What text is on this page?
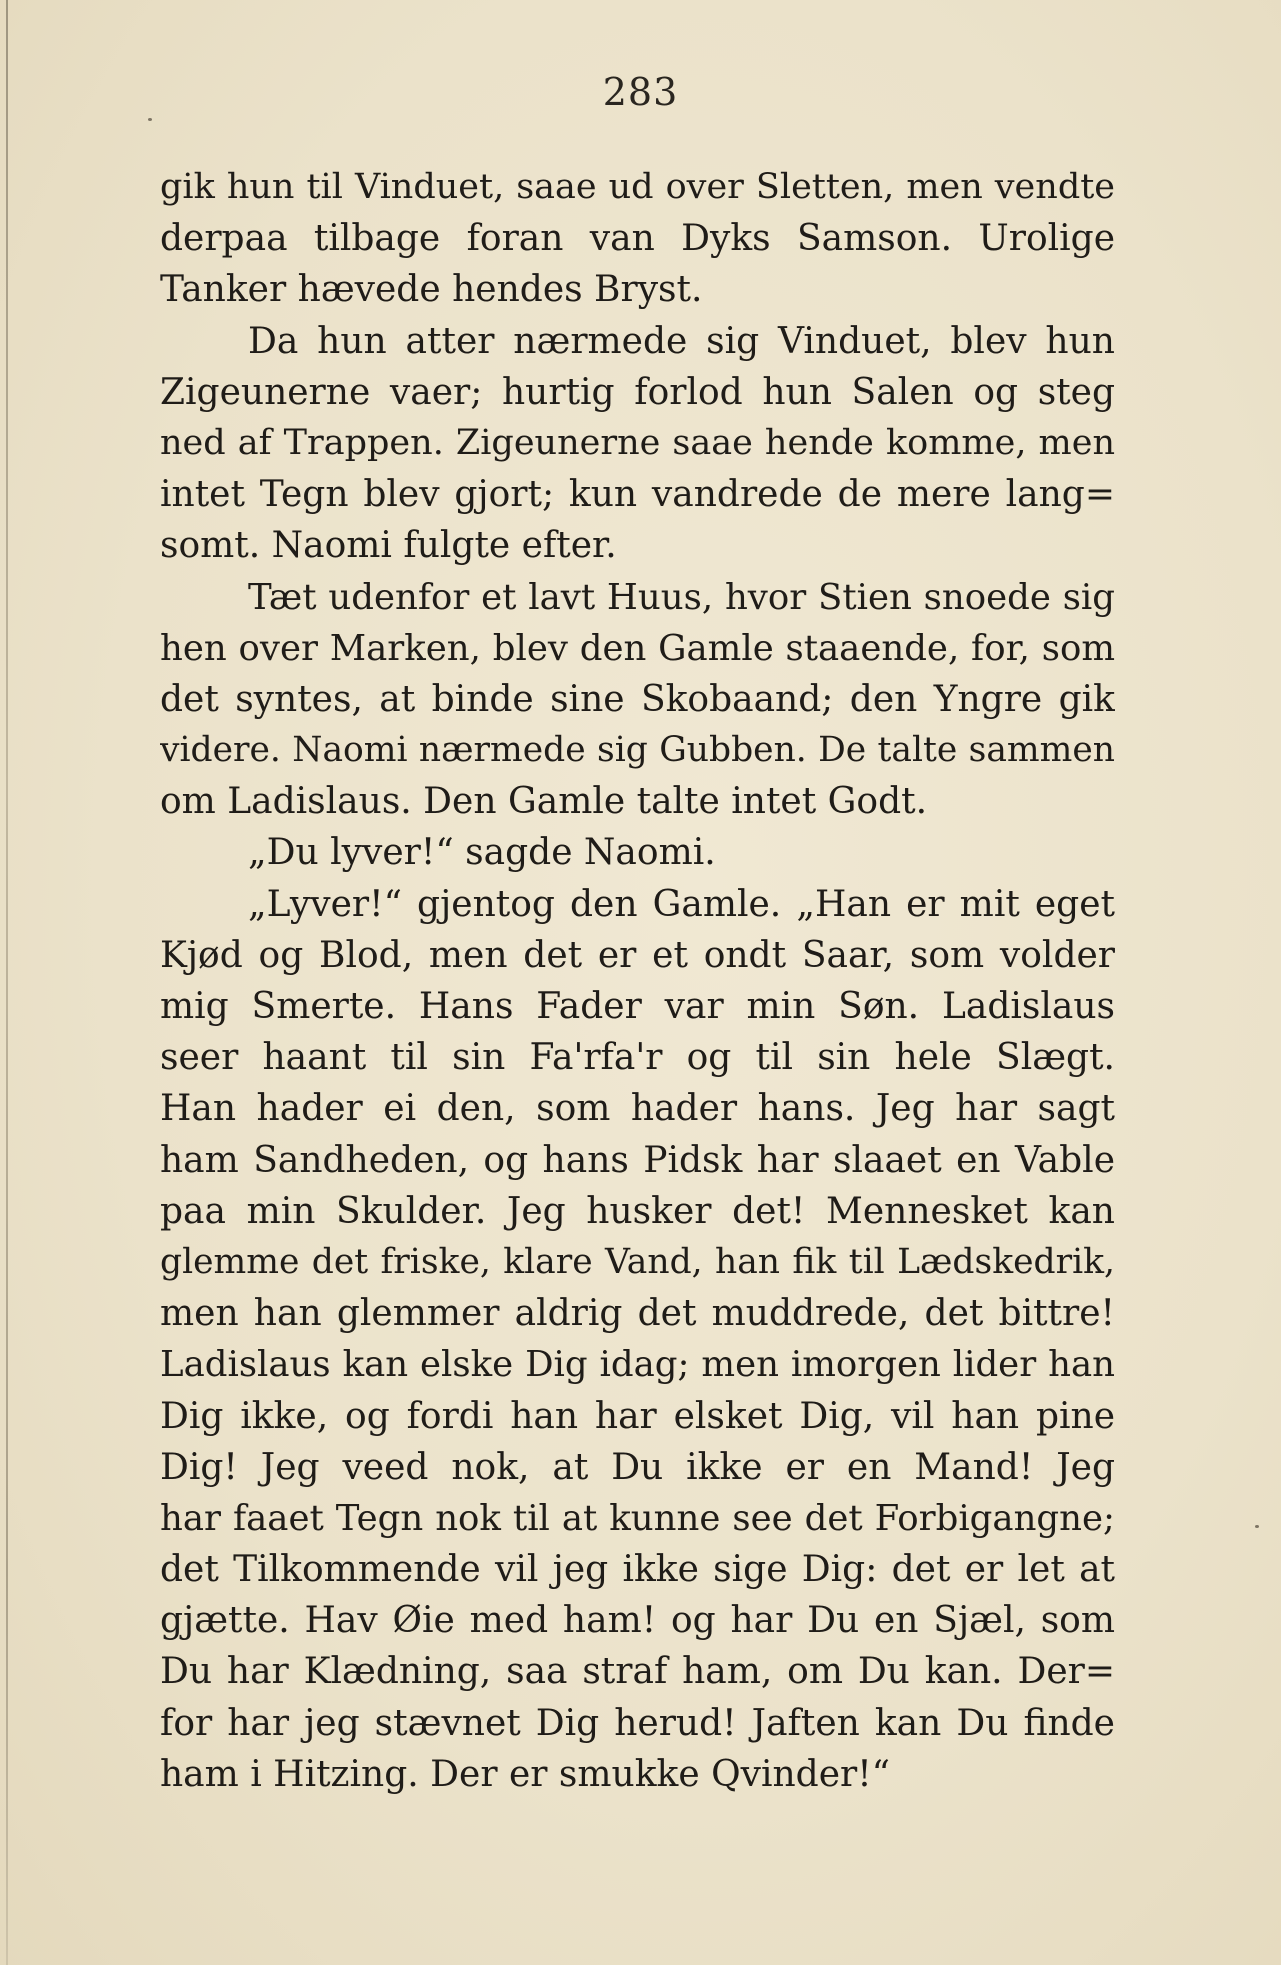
283
gik hun til Vinduet, saae ud over Sletten, men vendte
derpaa tilbage foran van Dyks Samson. Urolige
Tanker hævede hendes Bryst.
Da hun atter nærmede sig Vinduet, blev hun
Zigeunerne vaer; hurtig forlod hun Salen og steg
ned af Trappen. Zigeunerne saae hende komme, men
intet Tegn blev gjort; kun vandrede de mere lang=
somt. Naomi fulgte efter.
Tæt udenfor et lavt Huus, hvor Stien snoede sig
hen over Marken, blev den Gamle staaende, for, som
det syntes, at binde sine Skobaand; den Yngre gik
videre. Naomi nærmede sig Gubben. De talte sammen
om Ladislaus. Den Gamle talte intet Godt.
„Du lyver!“ sagde Naomi.
„Lyver!“ gjentog den Gamle. „Han er mit eget
Kjød og Blod, men det er et ondt Saar, som volder
mig Smerte. Hans Fader var min Søn. Ladislaus
seer haant til sin Fa'rfa'r og til sin hele Slægt.
Han hader ei den, som hader hans. Jeg har sagt
ham Sandheden, og hans Pidsk har slaaet en Vable
paa min Skulder. Jeg husker det! Mennesket kan
glemme det friske, klare Vand, han fik til Lædskedrik,
men han glemmer aldrig det muddrede, det bittre!
Ladislaus kan elske Dig idag; men imorgen lider han
Dig ikke, og fordi han har elsket Dig, vil han pine
Dig! Jeg veed nok, at Du ikke er en Mand! Jeg
har faaet Tegn nok til at kunne see det Forbigangne;
det Tilkommende vil jeg ikke sige Dig: det er let at
gjætte. Hav Øie med ham! og har Du en Sjæl, som
Du har Klædning, saa straf ham, om Du kan. Der=
for har jeg stævnet Dig herud! Jaften kan Du finde
ham i Hitzing. Der er smukke Qvinder!“
